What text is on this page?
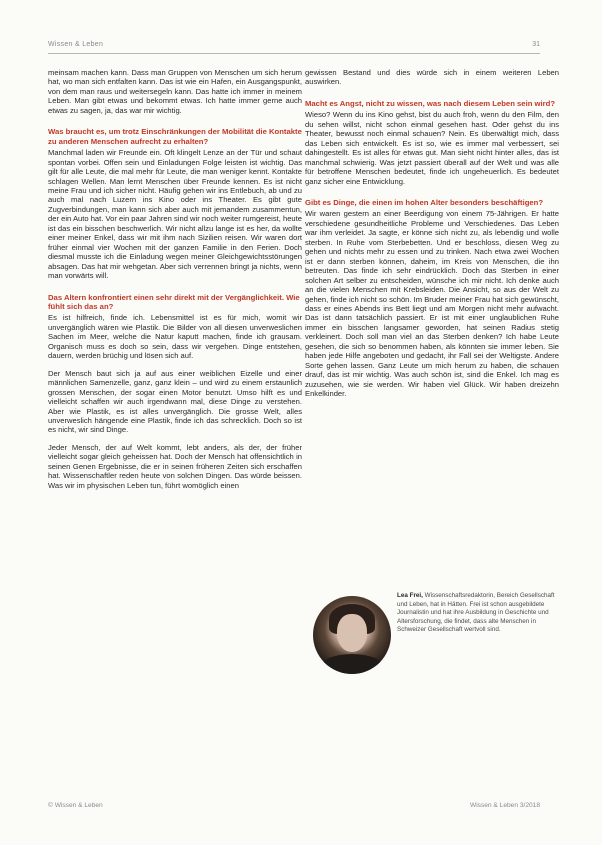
Wissen & Leben	31

meinsam machen kann. Dass man Gruppen von Menschen um sich herum hat, wo man sich entfalten kann. Das ist wie ein Hafen, ein Ausgangspunkt, von dem man raus und weitersegeln kann. Das hatte ich immer in meinem Leben. Man gibt etwas und bekommt etwas. Ich hatte immer gerne auch etwas zu sagen, ja, das war mir wichtig.

Was braucht es, um trotz Einschränkungen der Mobilität die Kontakte zu anderen Menschen aufrecht zu erhalten?

Manchmal laden wir Freunde ein. Oft klingelt Lenze an der Tür und schaut spontan vorbei. Offen sein und Einladungen Folge leisten ist wichtig. Das gilt für alle Leute, die mal mehr für Leute, die man weniger kennt. Kontakte schlagen Wellen. Man lernt Menschen über Freunde kennen. Es ist nicht meine Frau und ich sicher nicht. Häufig gehen wir ins Entlebuch, ab und zu auch mal nach Luzern ins Kino oder ins Theater. Es gibt gute Zugverbindungen, man kann sich aber auch mit jemandem zusammentun, der ein Auto hat. Vor ein paar Jahren sind wir noch weiter rumgereist, heute ist das ein bisschen beschwerlich. Wir nicht allzu lange ist es her, da wollte einer meiner Enkel, dass wir mit ihm nach Sizilien reisen. Wir waren dort früher einmal vier Wochen mit der ganzen Familie in den Ferien. Doch diesmal musste ich die Einladung wegen meiner Gleichgewichtsstörungen absagen. Das hat mir wehgetan. Aber sich verrennen bringt ja nichts, wenn man vorwärts will.

Das Altern konfrontiert einen sehr direkt mit der Vergänglichkeit. Wie fühlt sich das an?

Es ist hilfreich, finde ich. Lebensmittel ist es für mich, womit wir unvergänglich wären wie Plastik. Die Bilder von all diesen unverweslichen Sachen im Meer, welche die Natur kaputt machen, finde ich grausam. Organisch muss es doch so sein, dass wir vergehen. Dinge entstehen, dauern, werden brüchig und lösen sich auf.

Der Mensch baut sich ja auf aus einer weiblichen Eizelle und einer männlichen Samenzelle, ganz, ganz klein – und wird zu einem erstaunlich grossen Menschen, der sogar einen Motor benutzt. Umso hilft es und vielleicht schaffen wir auch irgendwann mal, diese Dinge zu verstehen. Aber wie Plastik, es ist alles unvergänglich. Die grosse Welt, alles unverweslich hängende eine Plastik, finde ich das schrecklich. Doch so ist es nicht, wir sind Dinge.

Jeder Mensch, der auf Welt kommt, lebt anders, als der, der früher vielleicht sogar gleich geheissen hat. Doch der Mensch hat offensichtlich in seinen Genen Ergebnisse, die er in seinen früheren Zeiten sich erschaffen hat. Wissenschaftler reden heute von solchen Dingen. Das würde beissen. Was wir im physischen Leben tun, führt womöglich einen

gewissen Bestand und dies würde sich in einem weiteren Leben auswirken.

Macht es Angst, nicht zu wissen, was nach diesem Leben sein wird?

Wieso? Wenn du ins Kino gehst, bist du auch froh, wenn du den Film, den du sehen willst, nicht schon einmal gesehen hast. Oder gehst du ins Theater, bewusst noch einmal schauen? Nein. Es überwältigt mich, dass das Leben sich entwickelt. Es ist so, wie es immer mal verbessert, sei dahingestellt. Es ist alles für etwas gut. Man sieht nicht hinter alles, das ist manchmal schwierig. Was jetzt passiert überall auf der Welt und was alle für betroffene Menschen bedeutet, finde ich ungeheuerlich. Es bedeutet ganz sicher eine Entwicklung.

Gibt es Dinge, die einen im hohen Alter besonders beschäftigen?

Wir waren gestern an einer Beerdigung von einem 75-Jährigen. Er hatte verschiedene gesundheitliche Probleme und Verschiedenes. Das Leben war ihm verleidet. Ja sagte, er könne sich nicht zu, als lebendig und wolle sterben. In Ruhe vom Sterbebetten. Und er beschloss, diesen Weg zu gehen und nichts mehr zu essen und zu trinken. Nach etwa zwei Wochen ist er dann sterben können, daheim, im Kreis von Menschen, die ihn betreuten. Das finde ich sehr eindrücklich. Doch das Sterben in einer solchen Art selber zu entscheiden, wünsche ich mir nicht. Ich denke auch an die vielen Menschen mit Krebsleiden. Die Ansicht, so aus der Welt zu gehen, finde ich nicht so schön. Im Bruder meiner Frau hat sich gewünscht, dass er eines Abends ins Bett liegt und am Morgen nicht mehr aufwacht. Das ist dann tatsächlich passiert. Er ist mit einer unglaublichen Ruhe immer ein bisschen langsamer geworden, hat seinen Radius stetig verkleinert. Doch soll man viel an das Sterben denken? Ich habe Leute gesehen, die sich so benommen haben, als könnten sie immer leben. Sie haben jede Hilfe angeboten und gedacht, ihr Fall sei der Weltigste. Andere Sorte gehen lassen. Ganz Leute um mich herum zu haben, die schauen drauf, das ist mir wichtig. Was auch schön ist, sind die Enkel. Ich mag es zuzusehen, wie sie werden. Wir haben viel Glück. Wir haben dreizehn Enkelkinder.

Lea Frei, Wissenschaftsredaktorin, Bereich Gesellschaft und Leben, hat in Hätten. Frei ist schon ausgebildete Journalistin und hat ihre Ausbildung in Geschichte und Altersforschung, die findet, dass alte Menschen in Schweizer Gesellschaft wertvoll sind.
© Wissen & Leben	Wissen & Leben 3/2018
